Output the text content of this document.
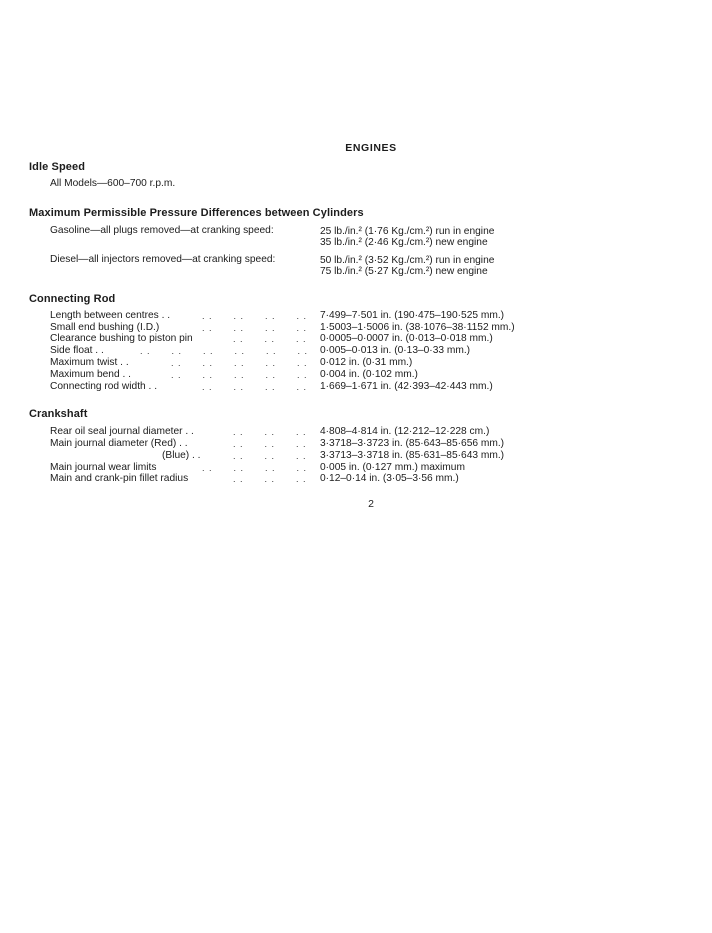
ENGINES
Idle Speed
All Models—600–700 r.p.m.
Maximum Permissible Pressure Differences between Cylinders
Gasoline—all plugs removed—at cranking speed:	25 lb./in.² (1·76 Kg./cm.²) run in engine
35 lb./in.² (2·46 Kg./cm.²) new engine
Diesel—all injectors removed—at cranking speed:	50 lb./in.² (3·52 Kg./cm.²) run in engine
75 lb./in.² (5·27 Kg./cm.²) new engine
Connecting Rod
Length between centres . .	. .      . .      . .      . . 7·499–7·501 in. (190·475–190·525 mm.)
Small end bushing (I.D.)	. .      . .      . .      . . 1·5003–1·5006 in. (38·1076–38·1152 mm.)
Clearance bushing to piston pin	. .      . .      . . 0·0005–0·0007 in. (0·013–0·018 mm.)
Side float . .	. .      . .      . .      . .      . .      . . 0·005–0·013 in. (0·13–0·33 mm.)
Maximum twist . .	. .      . .      . .      . .      . . 0·012 in. (0·31 mm.)
Maximum bend . .	. .      . .      . .      . .      . . 0·004 in. (0·102 mm.)
Connecting rod width . .	. .      . .      . .      . . 1·669–1·671 in. (42·393–42·443 mm.)
Crankshaft
Rear oil seal journal diameter . .	. .      . .      . . 4·808–4·814 in. (12·212–12·228 cm.)
Main journal diameter (Red) . .	. .      . .      . . 3·3718–3·3723 in. (85·643–85·656 mm.)
(Blue) . .	. .      . .      . . 3·3713–3·3718 in. (85·631–85·643 mm.)
Main journal wear limits	. .      . .      . .      . . 0·005 in. (0·127 mm.) maximum
Main and crank-pin fillet radius	. .      . .      . . 0·12–0·14 in. (3·05–3·56 mm.)
2
